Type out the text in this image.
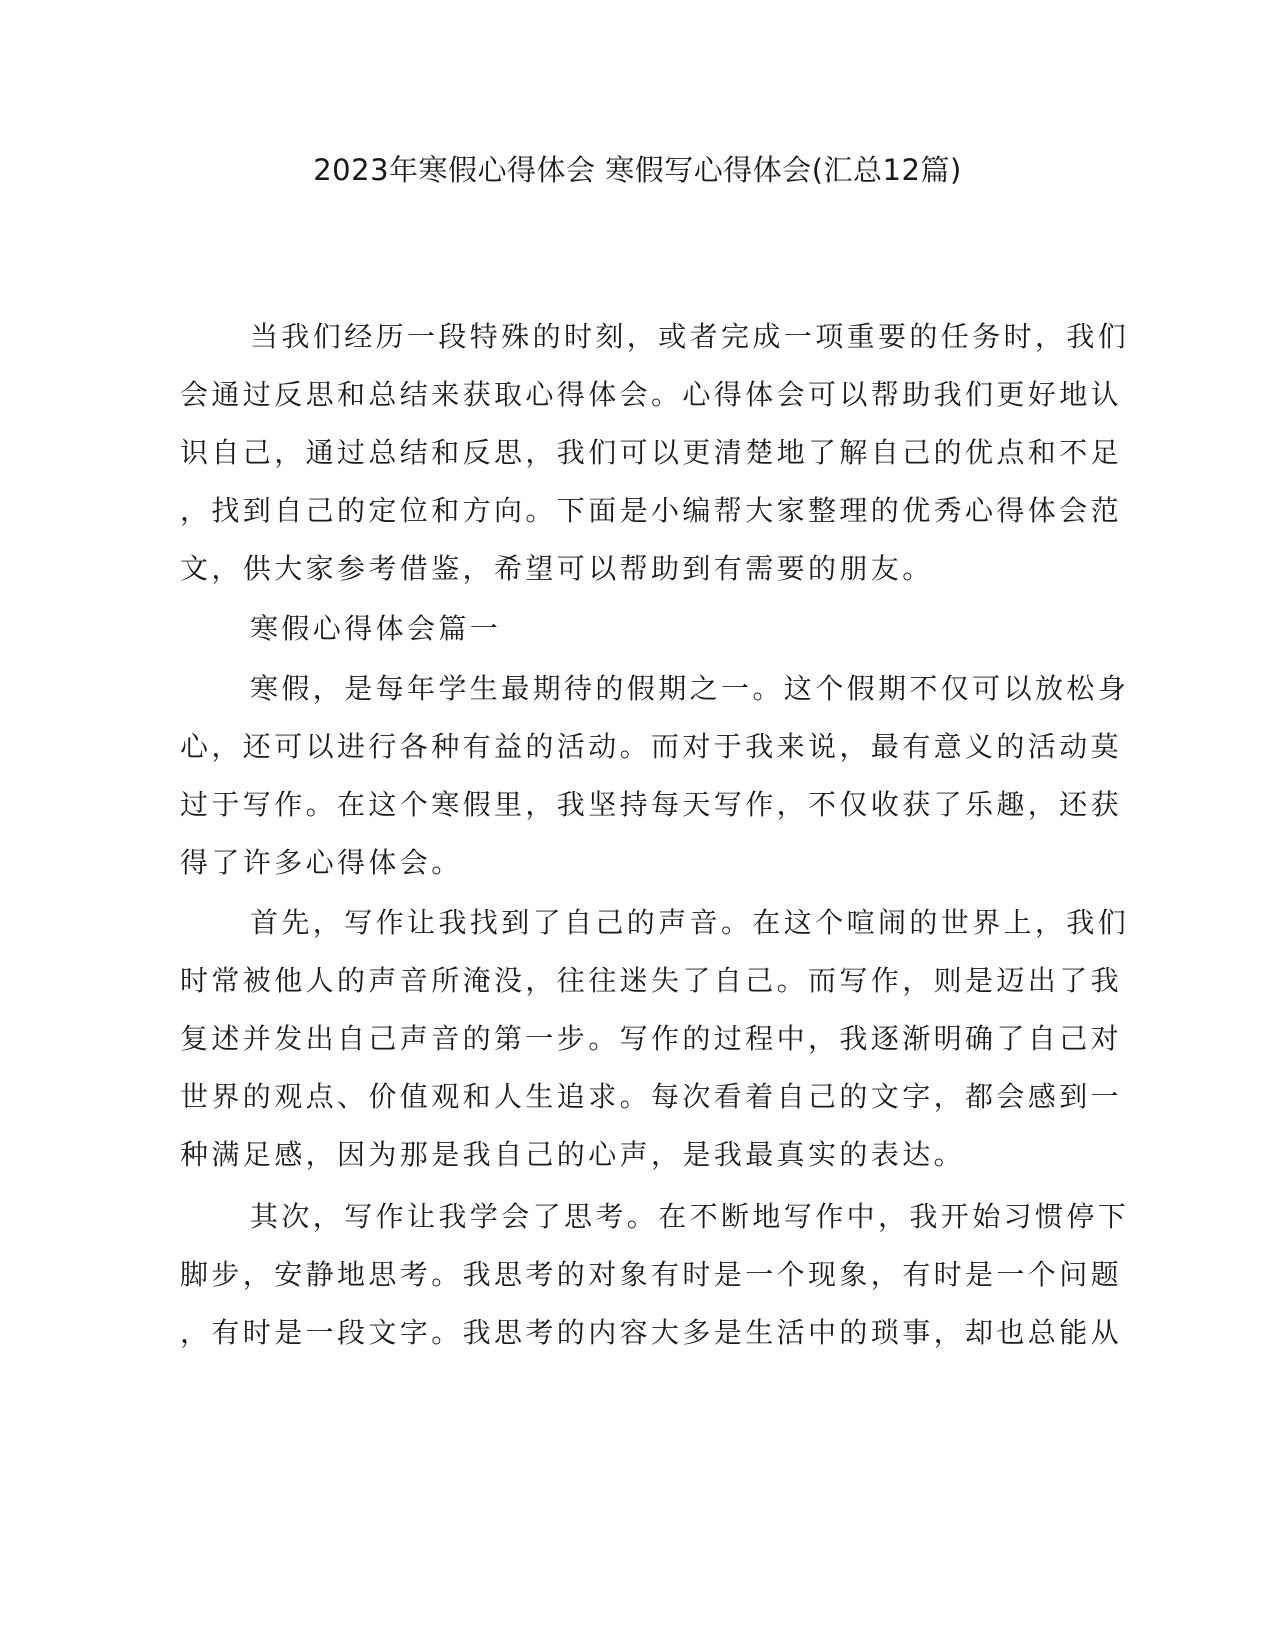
2023年寒假心得体会 寒假写心得体会(汇总12篇)
当我们经历一段特殊的时刻，或者完成一项重要的任务时，我们
会通过反思和总结来获取心得体会。心得体会可以帮助我们更好地认
识自己，通过总结和反思，我们可以更清楚地了解自己的优点和不足
，找到自己的定位和方向。下面是小编帮大家整理的优秀心得体会范
文，供大家参考借鉴，希望可以帮助到有需要的朋友。
寒假心得体会篇一
寒假，是每年学生最期待的假期之一。这个假期不仅可以放松身
心，还可以进行各种有益的活动。而对于我来说，最有意义的活动莫
过于写作。在这个寒假里，我坚持每天写作，不仅收获了乐趣，还获
得了许多心得体会。
首先，写作让我找到了自己的声音。在这个喧闹的世界上，我们
时常被他人的声音所淹没，往往迷失了自己。而写作，则是迈出了我
复述并发出自己声音的第一步。写作的过程中，我逐渐明确了自己对
世界的观点、价值观和人生追求。每次看着自己的文字，都会感到一
种满足感，因为那是我自己的心声，是我最真实的表达。
其次，写作让我学会了思考。在不断地写作中，我开始习惯停下
脚步，安静地思考。我思考的对象有时是一个现象，有时是一个问题
，有时是一段文字。我思考的内容大多是生活中的琐事，却也总能从
